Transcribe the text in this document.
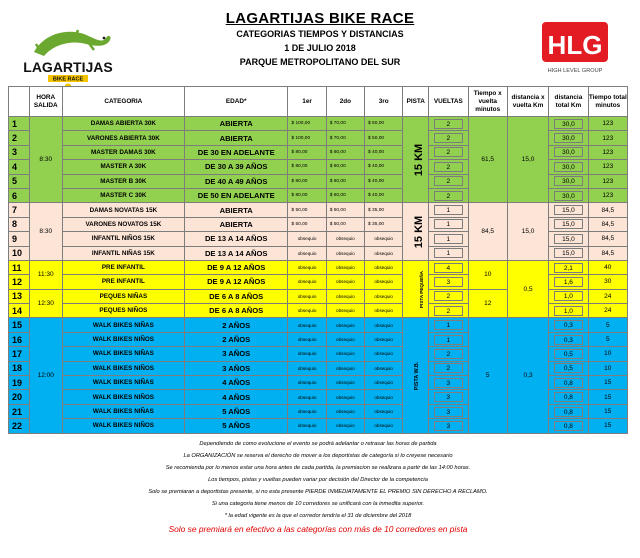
LAGARTIJAS
BIKE RACE
HLG
HIGH LEVEL GROUP
LAGARTIJAS BIKE RACE
CATEGORIAS TIEMPOS Y DISTANCIAS
1 DE JULIO 2018
PARQUE METROPOLITANO DEL SUR
	HORA SALIDA	CATEGORIA	EDAD*	1er	2do	3ro	PISTA	VUELTAS	Tiempo x vuelta minutos	distancia x vuelta Km	distancia total Km	Tiempo total minutos
1	8:30	DAMAS ABIERTA 30K	ABIERTA	$ 100,00	$ 70,00	$ 50,00	15 KM	2	61,5	15,0	30,0	123
2		VARONES ABIERTA 30K	ABIERTA	$ 100,00	$ 70,00	$ 50,00		2			30,0	123
3		MASTER DAMAS 30K	DE 30 EN ADELANTE	$ 80,00	$ 60,00	$ 40,00		2			30,0	123
4		MASTER A 30K	DE 30 A 39 AÑOS	$ 80,00	$ 60,00	$ 40,00		2			30,0	123
5		MASTER B 30K	DE 40 A 49 AÑOS	$ 80,00	$ 60,00	$ 40,00		2			30,0	123
6		MASTER C 30K	DE 50 EN ADELANTE	$ 80,00	$ 60,00	$ 40,00		2			30,0	123
7	8:30	DAMAS NOVATAS 15K	ABIERTA	$ 50,00	$ 50,00	$ 35,00	15 KM	1	84,5	15,0	15,0	84,5
8		VARONES NOVATOS 15K	ABIERTA	$ 50,00	$ 50,00	$ 35,00		1			15,0	84,5
9		INFANTIL NIÑOS 15K	DE 13 A 14 AÑOS	obsequio	obsequio	obsequio		1			15,0	84,5
10		INFANTIL NIÑAS 15K	DE 13 A 14 AÑOS	obsequio	obsequio	obsequio		1			15,0	84,5
11	11:30	PRE INFANTIL	DE 9 A 12 AÑOS	obsequio	obsequio	obsequio	PISTA PEQUEÑA	4	10	0,5	2,1	40
12		PRE INFANTIL	DE 9 A 12 AÑOS	obsequio	obsequio	obsequio		3			1,6	30
13	12:30	PEQUES NIÑAS	DE 6 A 8 AÑOS	obsequio	obsequio	obsequio		2	12		1,0	24
14		PEQUES NIÑOS	DE 6 A 8 AÑOS	obsequio	obsequio	obsequio		2			1,0	24
15	12:00	WALK BIKES NIÑAS	2 AÑOS	obsequio	obsequio	obsequio	PISTA W.B.	1	5	0,3	0,3	5
16		WALK BIKES NIÑOS	2 AÑOS	obsequio	obsequio	obsequio		1			0,3	5
17		WALK BIKES NIÑAS	3 AÑOS	obsequio	obsequio	obsequio		2			0,5	10
18		WALK BIKES NIÑOS	3 AÑOS	obsequio	obsequio	obsequio		2			0,5	10
19		WALK BIKES NIÑAS	4 AÑOS	obsequio	obsequio	obsequio		3			0,8	15
20		WALK BIKES NIÑOS	4 AÑOS	obsequio	obsequio	obsequio		3			0,8	15
21		WALK BIKES NIÑAS	5 AÑOS	obsequio	obsequio	obsequio		3			0,8	15
22		WALK BIKES NIÑOS	5 AÑOS	obsequio	obsequio	obsequio		3			0,8	15
Dependiendo de como evolucione el evento se podrá adelantar o retrasar las horas de partida
La ORGANIZACIÓN se reserva el derecho de mover a los deportistas de categoría si lo creyese necesario
Se recomienda por lo menos estar una hora antes de cada partida, la premiacion se realizara a partir de las 14:00 horas.
Los tiempos, pistas y vueltas pueden variar por decisión del Director de la competencia
Solo se premiaran a deportistas presente, si no esta presente PIERDE INMEDIATAMENTE EL PREMIO SIN DERECHO A RECLAMO.
Si una categoria tiene menos de 10 corredores se unificará con la inmedita superior.
* la edad vigente es la que el corredor tendría el 31 de diciembre del 2018
Solo se premiará en efectivo a las categorías con más de 10 corredores en pista
